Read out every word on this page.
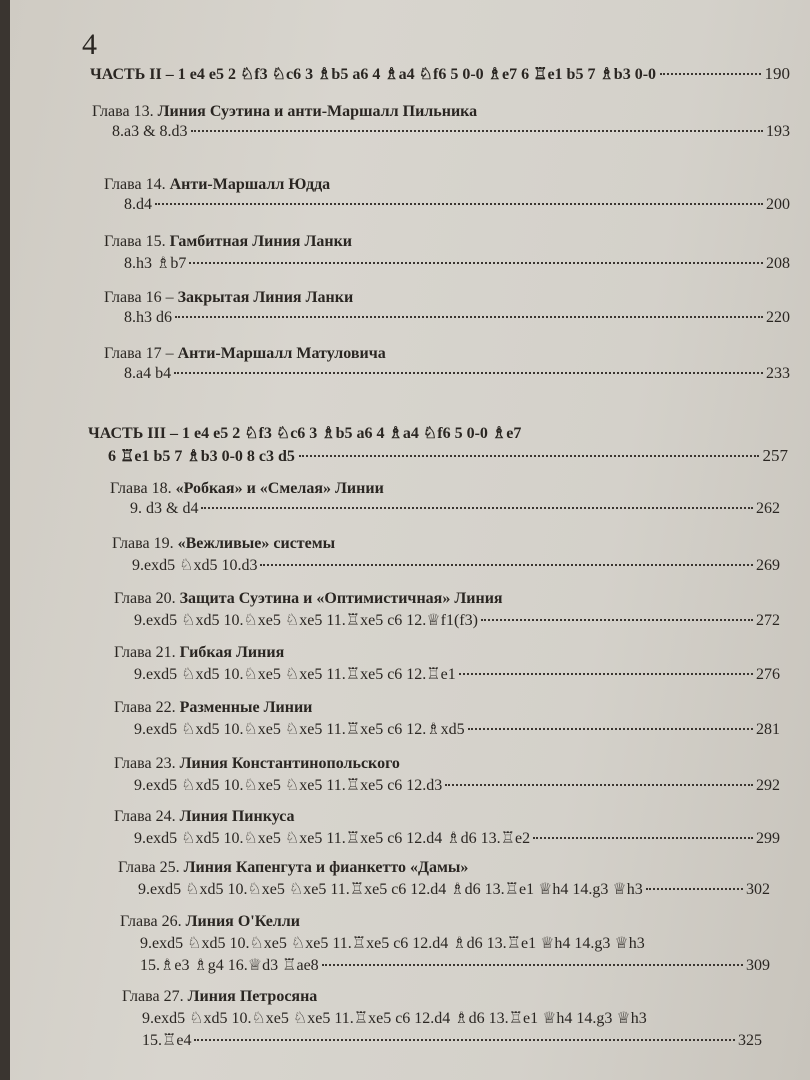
4
ЧАСТЬ II – 1 e4 e5 2 ♘f3 ♘c6 3 ♗b5 a6 4 ♗a4 ♘f6 5 0-0 ♗e7 6 ♖e1 b5 7 ♗b3 0-0	190
Глава 13. Линия Суэтина и анти-Маршалл Пильника
8.a3 & 8.d3	193
Глава 14. Анти-Маршалл Юдда
8.d4	200
Глава 15. Гамбитная Линия Ланки
8.h3 ♗b7	208
Глава 16 – Закрытая Линия Ланки
8.h3 d6	220
Глава 17 – Анти-Маршалл Матуловича
8.a4 b4	233
ЧАСТЬ III – 1 e4 e5 2 ♘f3 ♘c6 3 ♗b5 a6 4 ♗a4 ♘f6 5 0-0 ♗e7
6 ♖e1 b5 7 ♗b3 0-0 8 c3 d5	257
Глава 18. «Робкая» и «Смелая» Линии
9. d3 & d4	262
Глава 19. «Вежливые» системы
9.exd5 ♘xd5 10.d3	269
Глава 20. Защита Суэтина и «Оптимистичная» Линия
9.exd5 ♘xd5 10.♘xe5 ♘xe5 11.♖xe5 c6 12.♕f1(f3)	272
Глава 21. Гибкая Линия
9.exd5 ♘xd5 10.♘xe5 ♘xe5 11.♖xe5 c6 12.♖e1	276
Глава 22. Разменные Линии
9.exd5 ♘xd5 10.♘xe5 ♘xe5 11.♖xe5 c6 12.♗xd5	281
Глава 23. Линия Константинопольского
9.exd5 ♘xd5 10.♘xe5 ♘xe5 11.♖xe5 c6 12.d3	292
Глава 24. Линия Пинкуса
9.exd5 ♘xd5 10.♘xe5 ♘xe5 11.♖xe5 c6 12.d4 ♗d6 13.♖e2	299
Глава 25. Линия Капенгута и фианкетто «Дамы»
9.exd5 ♘xd5 10.♘xe5 ♘xe5 11.♖xe5 c6 12.d4 ♗d6 13.♖e1 ♕h4 14.g3 ♕h3	302
Глава 26. Линия О'Келли
9.exd5 ♘xd5 10.♘xe5 ♘xe5 11.♖xe5 c6 12.d4 ♗d6 13.♖e1 ♕h4 14.g3 ♕h3
15.♗e3 ♗g4 16.♕d3 ♖ae8	309
Глава 27. Линия Петросяна
9.exd5 ♘xd5 10.♘xe5 ♘xe5 11.♖xe5 c6 12.d4 ♗d6 13.♖e1 ♕h4 14.g3 ♕h3
15.♖e4	325
